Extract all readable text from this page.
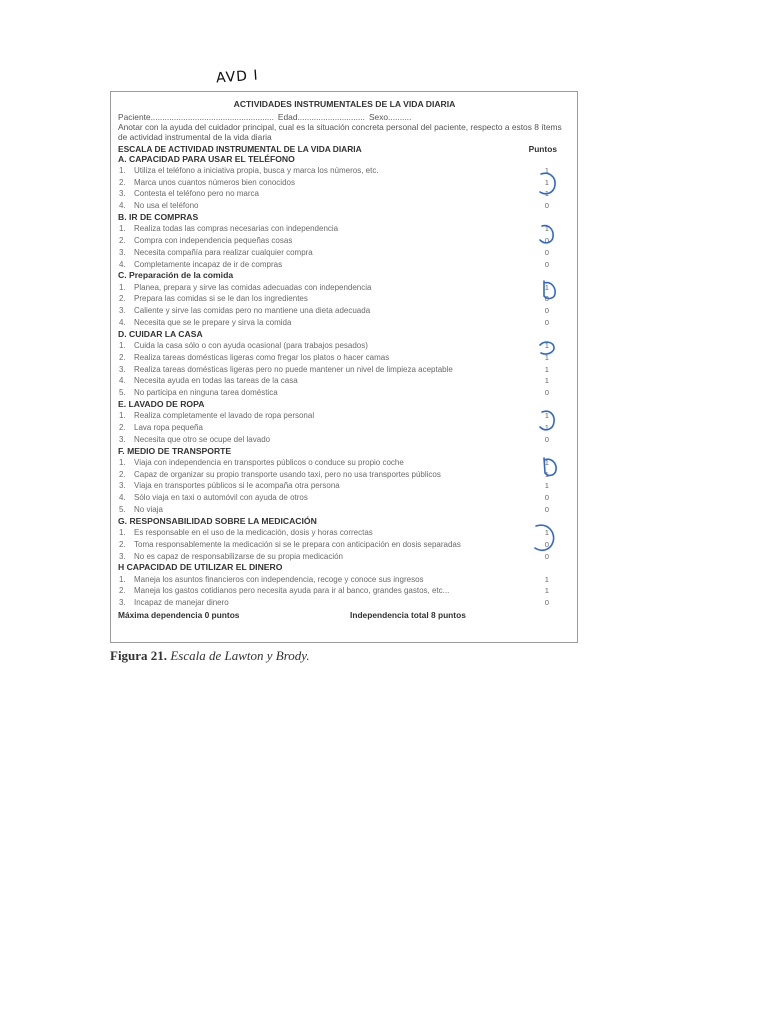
AVD I
ACTIVIDADES INSTRUMENTALES DE LA VIDA DIARIA
Paciente..................................................... Edad............................. Sexo..........
Anotar con la ayuda del cuidador principal, cual es la situación concreta personal del paciente, respecto a estos 8 ítems de actividad instrumental de la vida diaria
ESCALA DE ACTIVIDAD INSTRUMENTAL DE LA VIDA DIARIA	Puntos
A. CAPACIDAD PARA USAR EL TELÉFONO
1. Utiliza el teléfono a iniciativa propia, busca y marca los números, etc.	1
2. Marca unos cuantos números bien conocidos	1
3. Contesta el teléfono pero no marca	1
4. No usa el teléfono	0
B. IR DE COMPRAS
1. Realiza todas las compras necesarias con independencia	1
2. Compra con independencia pequeñas cosas	0
3. Necesita compañía para realizar cualquier compra	0
4. Completamente incapaz de ir de compras	0
C. Preparación de la comida
1. Planea, prepara y sirve las comidas adecuadas con independencia	1
2. Prepara las comidas si se le dan los ingredientes	0
3. Caliente y sirve las comidas pero no mantiene una dieta adecuada	0
4. Necesita que se le prepare y sirva la comida	0
D. CUIDAR LA CASA
1. Cuida la casa sólo o con ayuda ocasional (para trabajos pesados)	1
2. Realiza tareas domésticas ligeras como fregar los platos o hacer camas	1
3. Realiza tareas domésticas ligeras pero no puede mantener un nivel de limpieza aceptable	1
4. Necesita ayuda en todas las tareas de la casa	1
5. No participa en ninguna tarea doméstica	0
E. LAVADO DE ROPA
1. Realiza completamente el lavado de ropa personal	1
2. Lava ropa pequeña	1
3. Necesita que otro se ocupe del lavado	0
F. MEDIO DE TRANSPORTE
1. Viaja con independencia en transportes públicos o conduce su propio coche	1
2. Capaz de organizar su propio transporte usando taxi, pero no usa transportes públicos	1
3. Viaja en transportes públicos si le acompaña otra persona	1
4. Sólo viaja en taxi o automóvil con ayuda de otros	0
5. No viaja	0
G. RESPONSABILIDAD SOBRE LA MEDICACIÓN
1. Es responsable en el uso de la medicación, dosis y horas correctas	1
2. Toma responsablemente la medicación si se le prepara con anticipación en dosis separadas	0
3. No es capaz de responsabilizarse de su propia medicación	0
H CAPACIDAD DE UTILIZAR EL DINERO
1. Maneja los asuntos financieros con independencia, recoge y conoce sus ingresos	1
2. Maneja los gastos cotidianos pero necesita ayuda para ir al banco, grandes gastos, etc...	1
3. Incapaz de manejar dinero	0
Máxima dependencia 0 puntos	Independencia total 8 puntos
Figura 21. Escala de Lawton y Brody.
